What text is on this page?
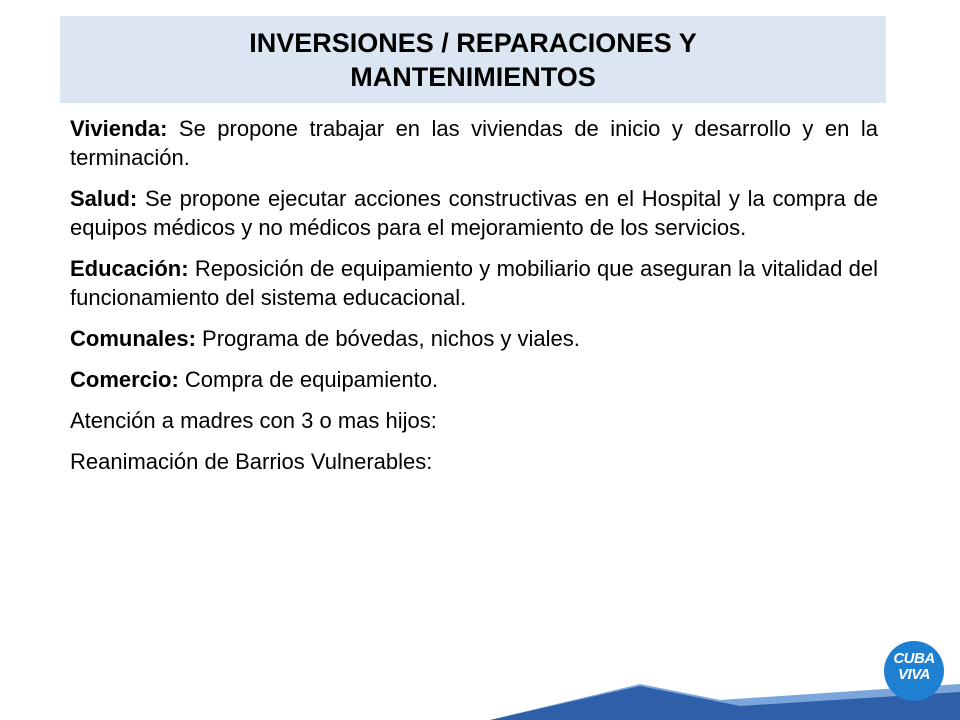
INVERSIONES / REPARACIONES Y MANTENIMIENTOS

Vivienda: Se propone trabajar en las viviendas de inicio y desarrollo y en la terminación.

Salud: Se propone ejecutar acciones constructivas en el Hospital y la compra de equipos médicos y no médicos para el mejoramiento de los servicios.

Educación: Reposición de equipamiento y mobiliario que aseguran la vitalidad del funcionamiento del sistema educacional.

Comunales: Programa de bóvedas, nichos y viales.

Comercio: Compra de equipamiento.

Atención a madres con 3 o mas hijos:

Reanimación de Barrios Vulnerables:

CUBA
VIVA
